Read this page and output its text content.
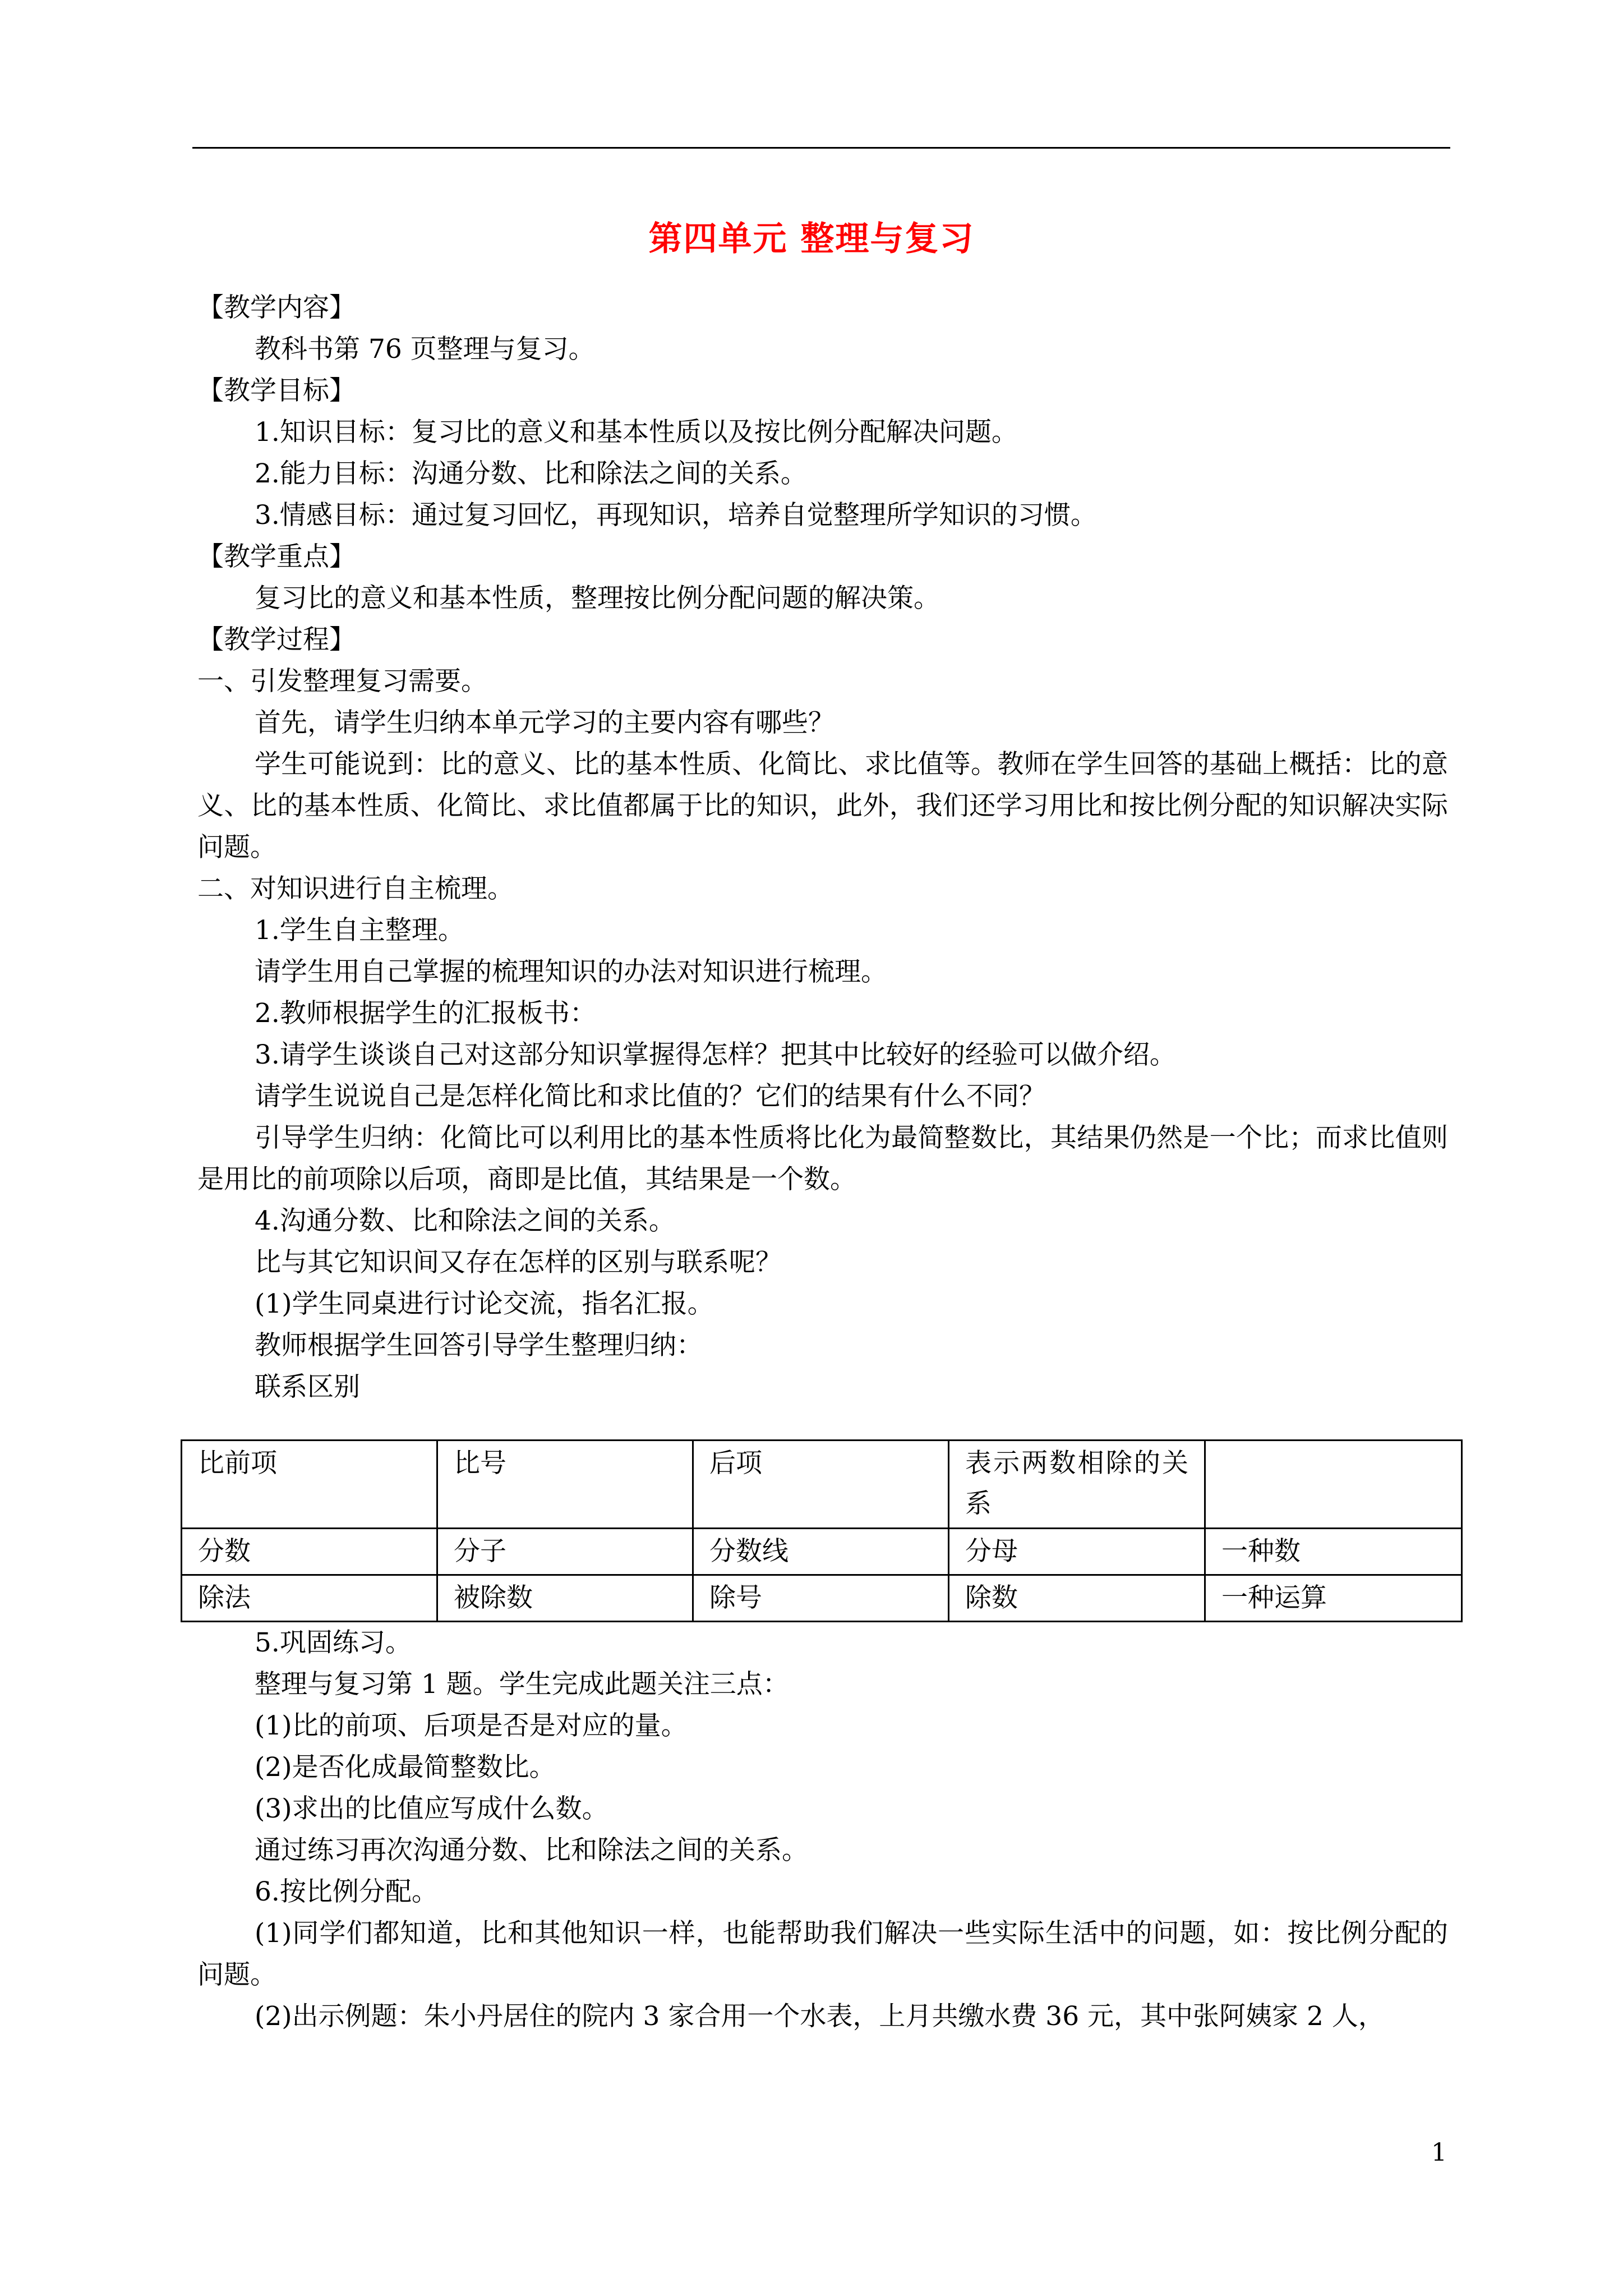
第四单元 整理与复习

【教学内容】

教科书第 76 页整理与复习。

【教学目标】

1.知识目标：复习比的意义和基本性质以及按比例分配解决问题。

2.能力目标：沟通分数、比和除法之间的关系。

3.情感目标：通过复习回忆，再现知识，培养自觉整理所学知识的习惯。

【教学重点】

复习比的意义和基本性质，整理按比例分配问题的解决策。

【教学过程】

一、引发整理复习需要。

首先，请学生归纳本单元学习的主要内容有哪些？

学生可能说到：比的意义、比的基本性质、化简比、求比值等。教师在学生回答的基础上概括：比的意义、比的基本性质、化简比、求比值都属于比的知识，此外，我们还学习用比和按比例分配的知识解决实际问题。

二、对知识进行自主梳理。

1.学生自主整理。

请学生用自己掌握的梳理知识的办法对知识进行梳理。

2.教师根据学生的汇报板书：

3.请学生谈谈自己对这部分知识掌握得怎样？把其中比较好的经验可以做介绍。

请学生说说自己是怎样化简比和求比值的？它们的结果有什么不同？

引导学生归纳：化简比可以利用比的基本性质将比化为最简整数比，其结果仍然是一个比；而求比值则是用比的前项除以后项，商即是比值，其结果是一个数。

4.沟通分数、比和除法之间的关系。

比与其它知识间又存在怎样的区别与联系呢？

(1)学生同桌进行讨论交流，指名汇报。

教师根据学生回答引导学生整理归纳：

联系区别

比前项	比号	后项	表示两数相除的关系	
分数	分子	分数线	分母	一种数
除法	被除数	除号	除数	一种运算

5.巩固练习。

整理与复习第 1 题。学生完成此题关注三点：

(1)比的前项、后项是否是对应的量。

(2)是否化成最简整数比。

(3)求出的比值应写成什么数。

通过练习再次沟通分数、比和除法之间的关系。

6.按比例分配。

(1)同学们都知道，比和其他知识一样，也能帮助我们解决一些实际生活中的问题，如：按比例分配的问题。

(2)出示例题：朱小丹居住的院内 3 家合用一个水表，上月共缴水费 36 元，其中张阿姨家 2 人，

1
